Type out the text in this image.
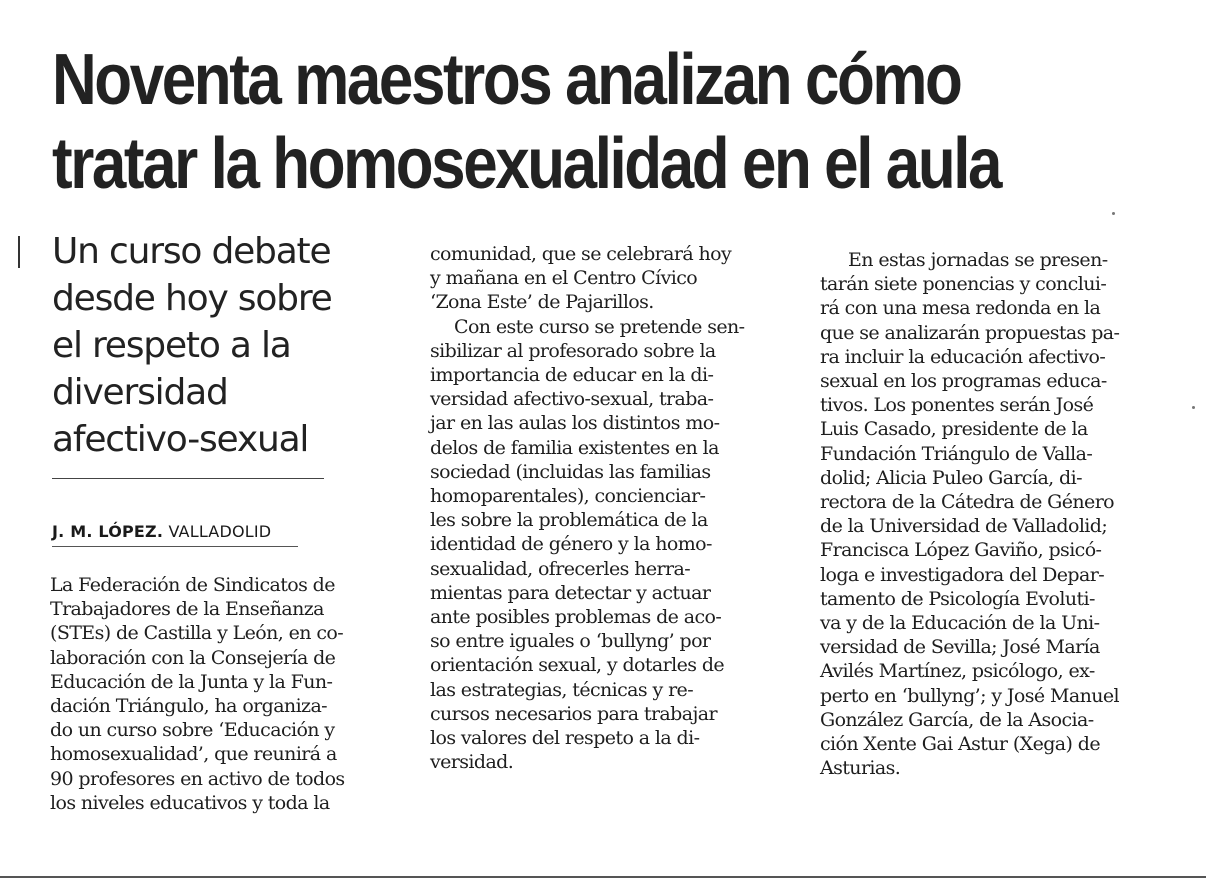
Noventa maestros analizan cómo
tratar la homosexualidad en el aula
Un curso debate
desde hoy sobre
el respeto a la
diversidad
afectivo-sexual
J. M. LÓPEZ. VALLADOLID
La Federación de Sindicatos de
Trabajadores de la Enseñanza
(STEs) de Castilla y León, en co-
laboración con la Consejería de
Educación de la Junta y la Fun-
dación Triángulo, ha organiza-
do un curso sobre ‘Educación y
homosexualidad’, que reunirá a
90 profesores en activo de todos
los niveles educativos y toda la
comunidad, que se celebrará hoy
y mañana en el Centro Cívico
‘Zona Este’ de Pajarillos.
Con este curso se pretende sen-
sibilizar al profesorado sobre la
importancia de educar en la di-
versidad afectivo-sexual, traba-
jar en las aulas los distintos mo-
delos de familia existentes en la
sociedad (incluidas las familias
homoparentales), concienciar-
les sobre la problemática de la
identidad de género y la homo-
sexualidad, ofrecerles herra-
mientas para detectar y actuar
ante posibles problemas de aco-
so entre iguales o ‘bullyng’ por
orientación sexual, y dotarles de
las estrategias, técnicas y re-
cursos necesarios para trabajar
los valores del respeto a la di-
versidad.
En estas jornadas se presen-
tarán siete ponencias y conclui-
rá con una mesa redonda en la
que se analizarán propuestas pa-
ra incluir la educación afectivo-
sexual en los programas educa-
tivos. Los ponentes serán José
Luis Casado, presidente de la
Fundación Triángulo de Valla-
dolid; Alicia Puleo García, di-
rectora de la Cátedra de Género
de la Universidad de Valladolid;
Francisca López Gaviño, psicó-
loga e investigadora del Depar-
tamento de Psicología Evoluti-
va y de la Educación de la Uni-
versidad de Sevilla; José María
Avilés Martínez, psicólogo, ex-
perto en ‘bullyng’; y José Manuel
González García, de la Asocia-
ción Xente Gai Astur (Xega) de
Asturias.
